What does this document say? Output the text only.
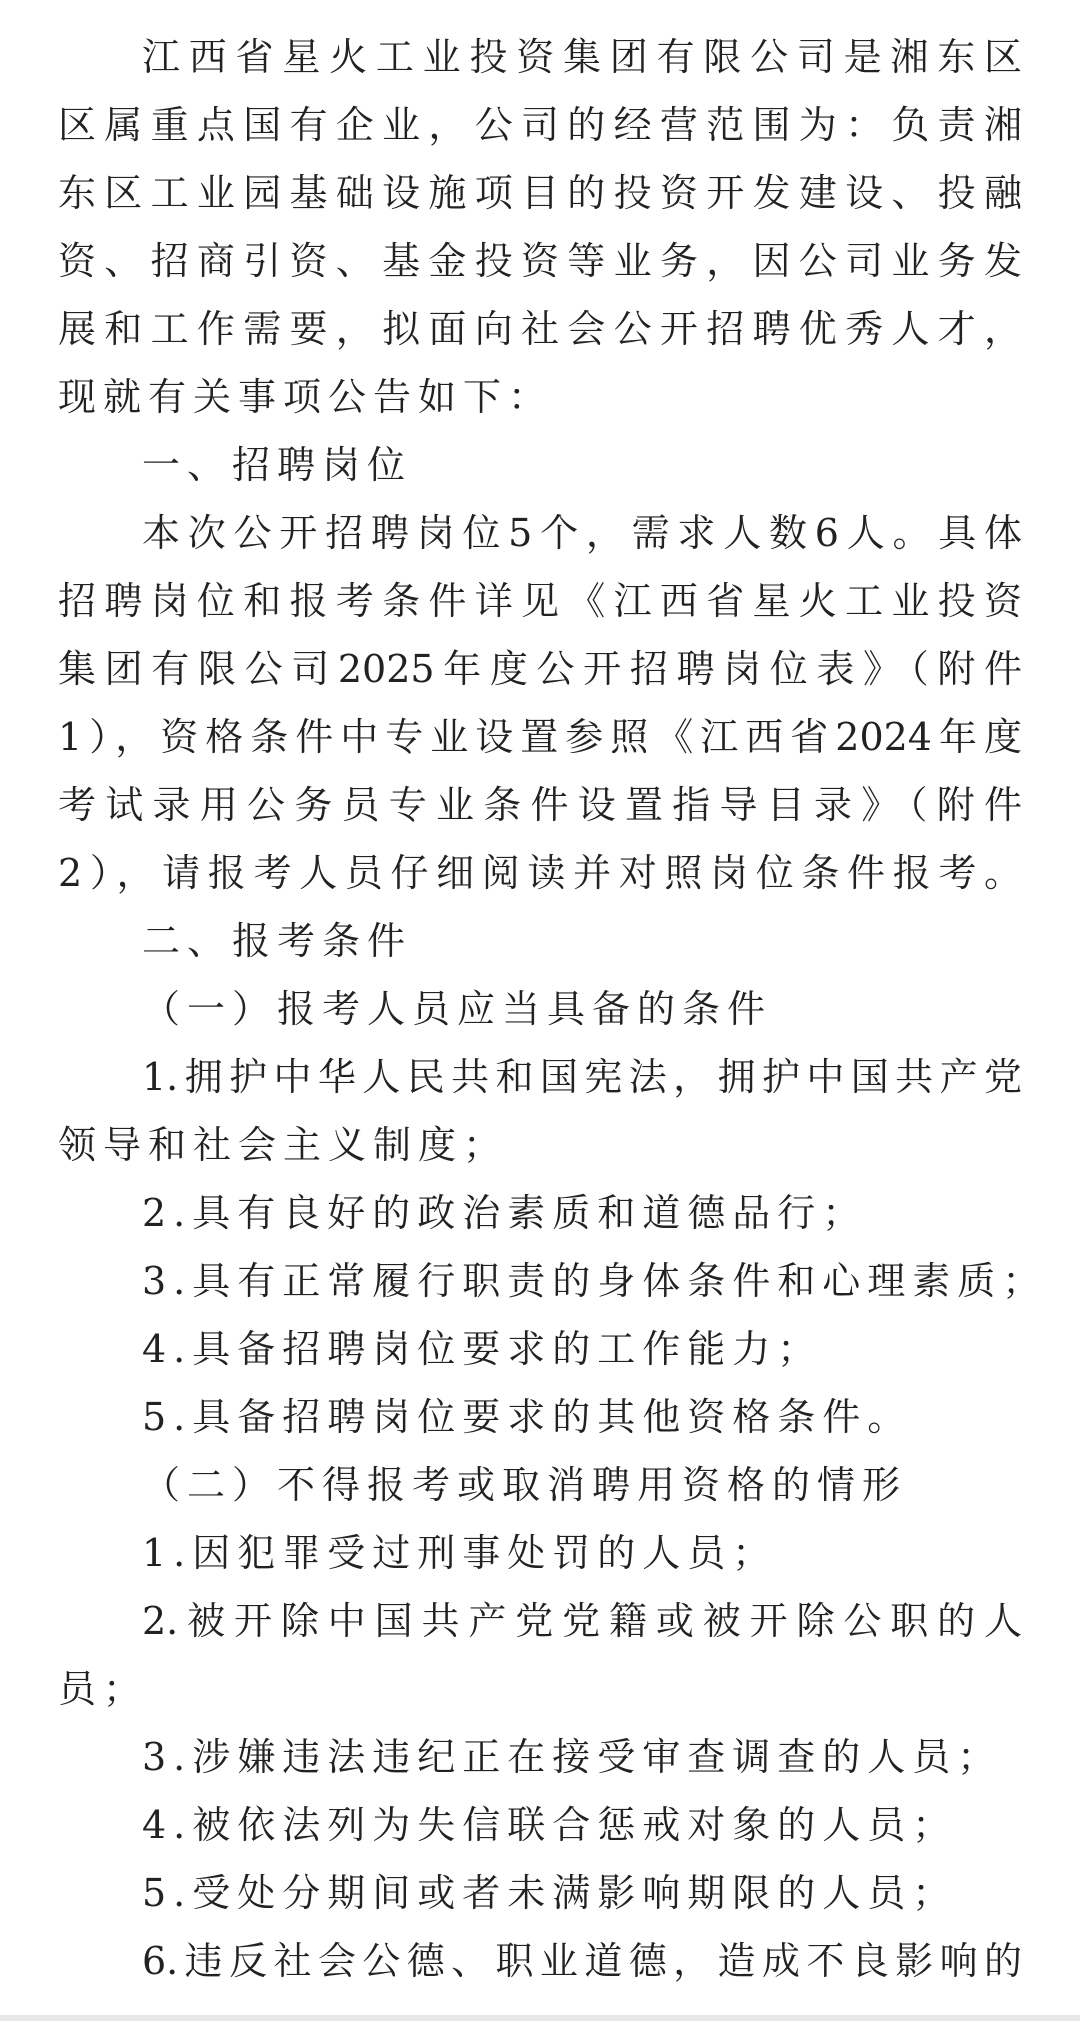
江西省星火工业投资集团有限公司是湘东区
区属重点国有企业，公司的经营范围为：负责湘
东区工业园基础设施项目的投资开发建设、投融
资、招商引资、基金投资等业务，因公司业务发
展和工作需要，拟面向社会公开招聘优秀人才，
现就有关事项公告如下：
一、招聘岗位
本次公开招聘岗位5个，需求人数6人。具体
招聘岗位和报考条件详见《江西省星火工业投资
集团有限公司2025年度公开招聘岗位表》（附件
1），资格条件中专业设置参照《江西省2024年度
考试录用公务员专业条件设置指导目录》（附件
2），请报考人员仔细阅读并对照岗位条件报考。
二、报考条件
（一）报考人员应当具备的条件
1.拥护中华人民共和国宪法，拥护中国共产党
领导和社会主义制度；
2.具有良好的政治素质和道德品行；
3.具有正常履行职责的身体条件和心理素质；
4.具备招聘岗位要求的工作能力；
5.具备招聘岗位要求的其他资格条件。
（二）不得报考或取消聘用资格的情形
1.因犯罪受过刑事处罚的人员；
2.被开除中国共产党党籍或被开除公职的人
员；
3.涉嫌违法违纪正在接受审查调查的人员；
4.被依法列为失信联合惩戒对象的人员；
5.受处分期间或者未满影响期限的人员；
6.违反社会公德、职业道德，造成不良影响的
